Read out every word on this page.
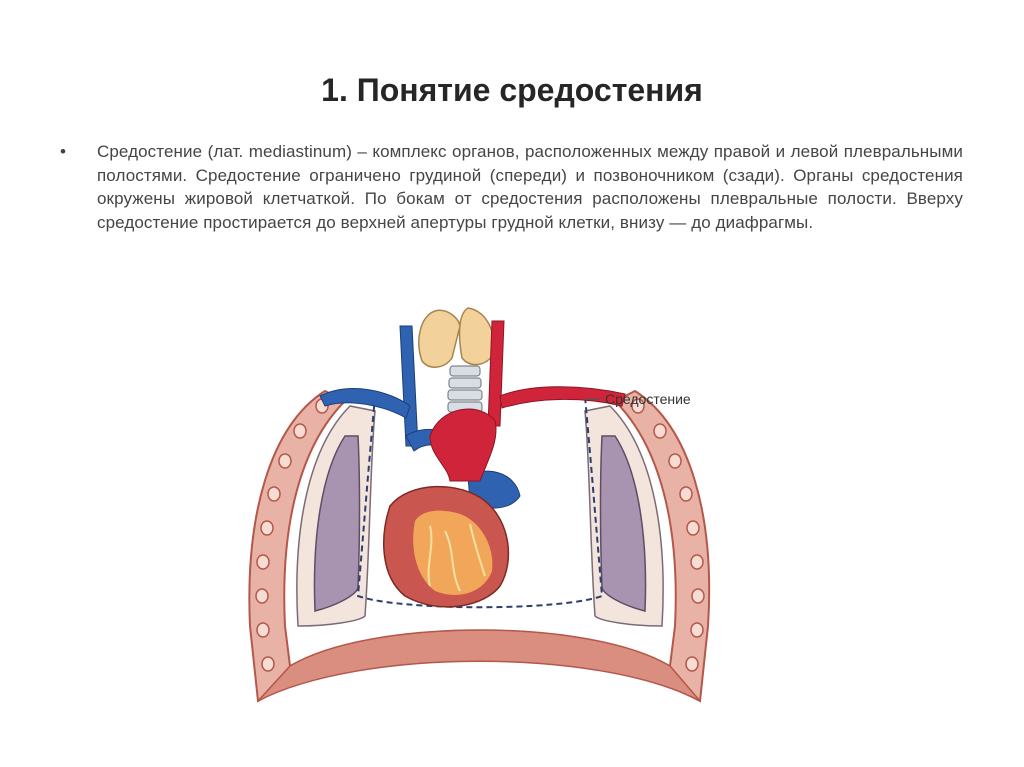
1. Понятие средостения
• Средостение (лат. mediastinum) – комплекс органов, расположенных между правой и левой плевральными полостями. Средостение ограничено грудиной (спереди) и позвоночником (сзади). Органы средостения окружены жировой клетчаткой. По бокам от средостения расположены плевральные полости. Вверху средостение простирается до верхней апертуры грудной клетки, внизу — до диафрагмы.
Средостение
